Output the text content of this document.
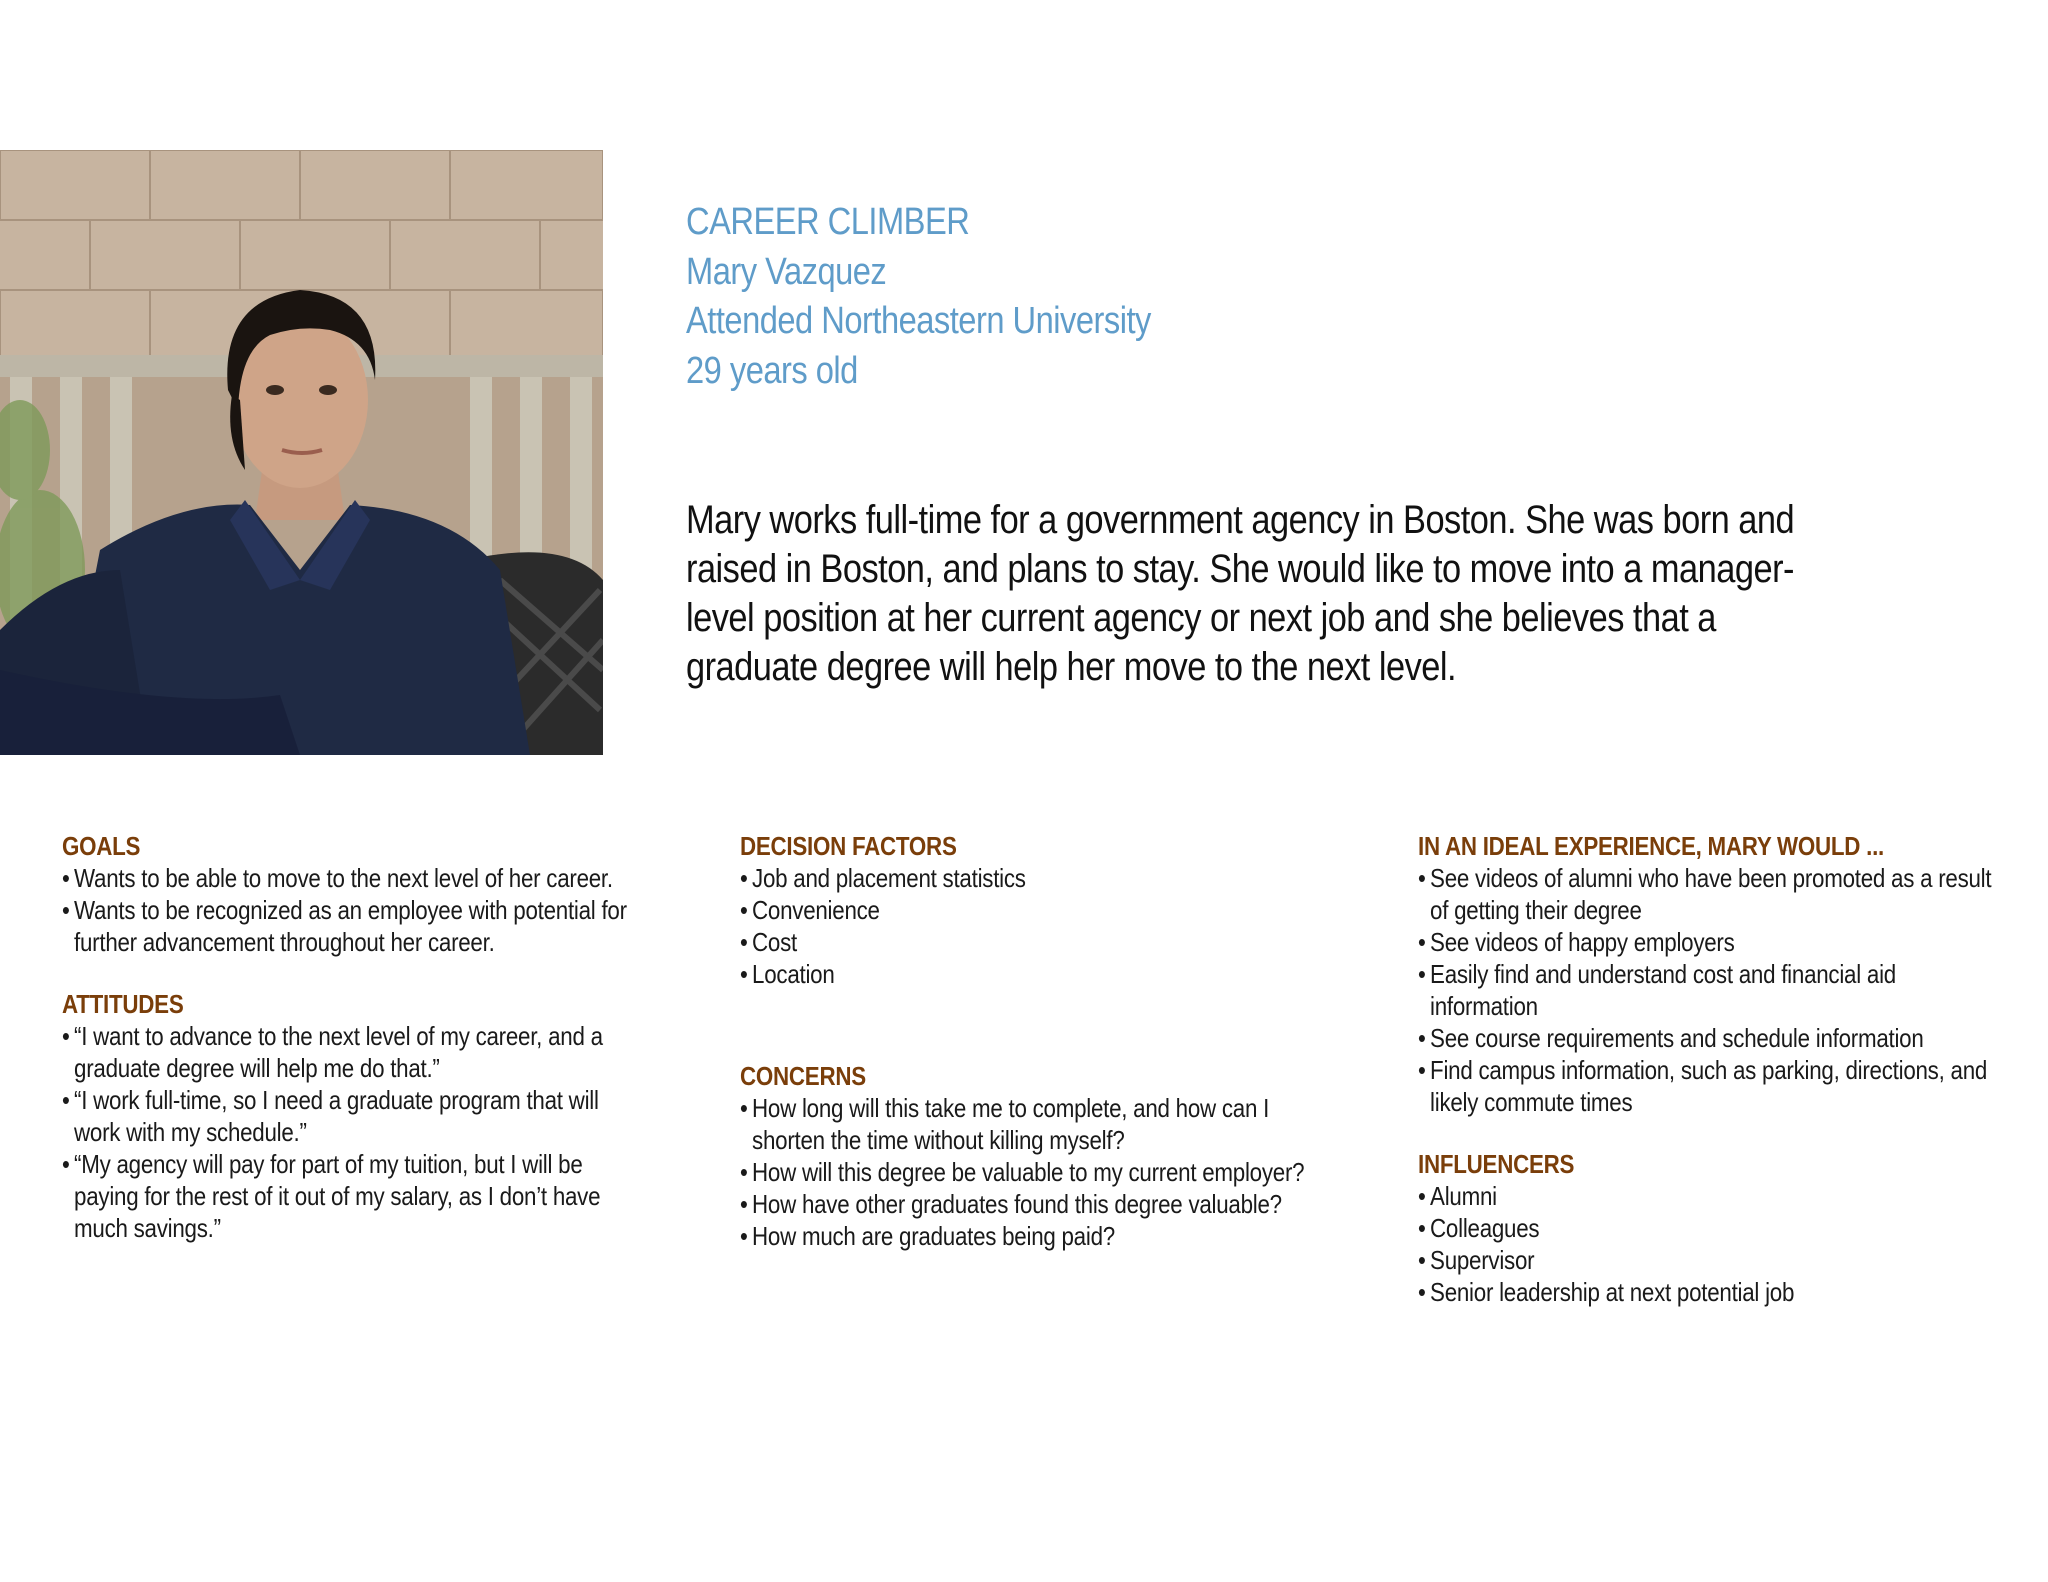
CAREER CLIMBER
Mary Vazquez
Attended Northeastern University
29 years old
Mary works full-time for a government agency in Boston. She was born and raised in Boston, and plans to stay. She would like to move into a manager-level position at her current agency or next job and she believes that a graduate degree will help her move to the next level.
GOALS
• Wants to be able to move to the next level of her career.
• Wants to be recognized as an employee with potential for further advancement throughout her career.
ATTITUDES
• “I want to advance to the next level of my career, and a graduate degree will help me do that.”
• “I work full-time, so I need a graduate program that will work with my schedule.”
• “My agency will pay for part of my tuition, but I will be paying for the rest of it out of my salary, as I don’t have much savings.”
DECISION FACTORS
• Job and placement statistics
• Convenience
• Cost
• Location
CONCERNS
• How long will this take me to complete, and how can I shorten the time without killing myself?
• How will this degree be valuable to my current employer?
• How have other graduates found this degree valuable?
• How much are graduates being paid?
IN AN IDEAL EXPERIENCE, MARY WOULD ...
• See videos of alumni who have been promoted as a result of getting their degree
• See videos of happy employers
• Easily find and understand cost and financial aid information
• See course requirements and schedule information
• Find campus information, such as parking, directions, and likely commute times
INFLUENCERS
• Alumni
• Colleagues
• Supervisor
• Senior leadership at next potential job
